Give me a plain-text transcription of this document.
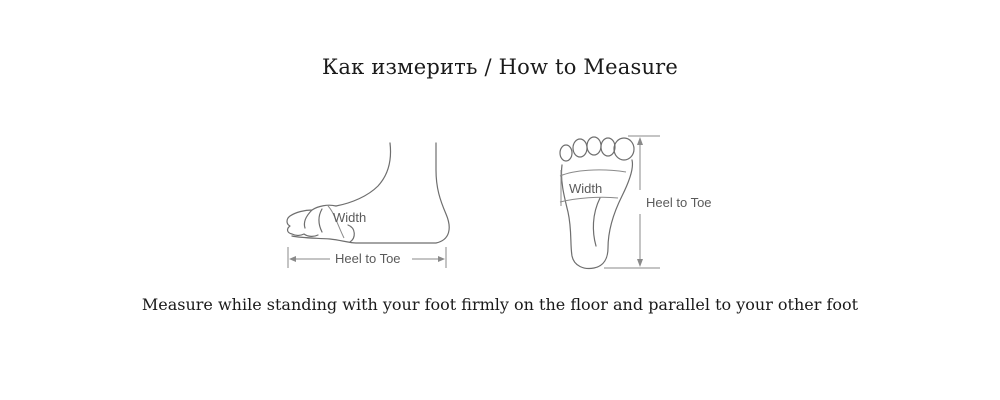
Как измерить / How to Measure
Width
Heel to Toe
Width
Heel to Toe
Measure while standing with your foot firmly on the floor and parallel to your other foot
